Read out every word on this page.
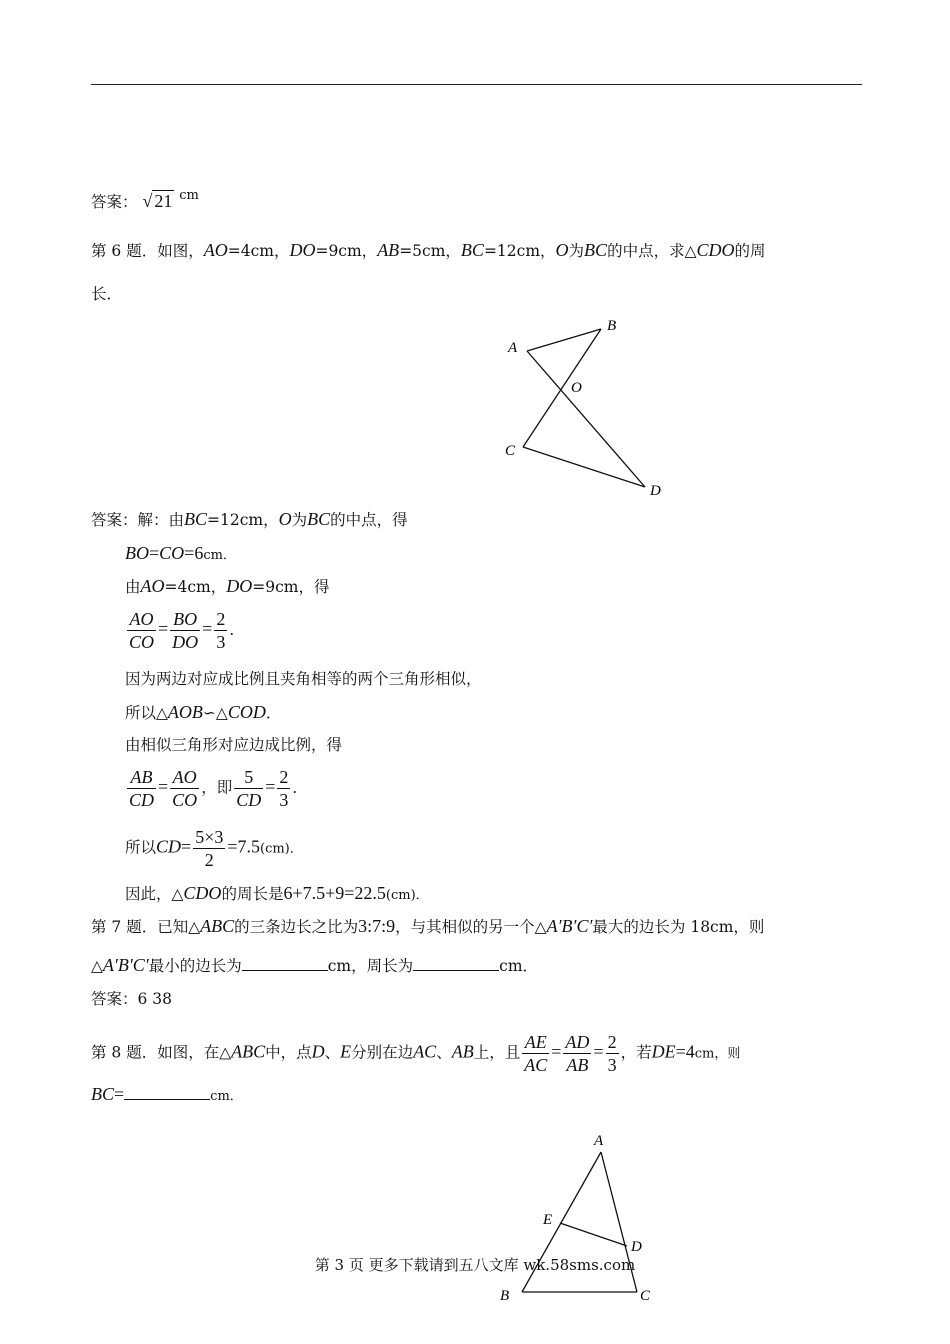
答案： √ 21 $^{cm}$
第 6 题．如图，AO=4cm，DO=9cm，AB=5cm，BC=12cm，O为BC的中点，求△CDO的周
长．
A
B
O
C
D
答案：解：由BC=12cm，O为BC的中点，得
BO=CO=6cm．
由AO=4cm，DO=9cm，得
$\frac{AO}{CO} = \frac{BO}{DO} = \frac{2}{3}$ ．
因为两边对应成比例且夹角相等的两个三角形相似，
所以△AOB∽△COD．
由相似三角形对应边成比例，得
$\frac{AB}{CD} = \frac{AO}{CO}$ ，即 $\frac{5}{CD} = \frac{2}{3}$ ．
所以$CD= \frac{5\times 3}{2} =7.5(cm)$．
因此，△CDO的周长是6+7.5+9=22.5(cm)．
第 7 题．已知△ABC的三条边长之比为3:7:9，与其相似的另一个△A′B′C′最大的边长为 18cm，则
△A′B′C′最小的边长为	cm，周长为	cm．
答案：6 38
第 8 题．如图，在△ABC中，点D、E分别在边AC、AB上，且 $\frac{AE}{AC} = \frac{AD}{AB} = \frac{2}{3}$ ，若DE=4cm，则
BC=	cm．
A
E
D
B	C
第 3 页 更多下载请到五八文库 wk.58sms.com
